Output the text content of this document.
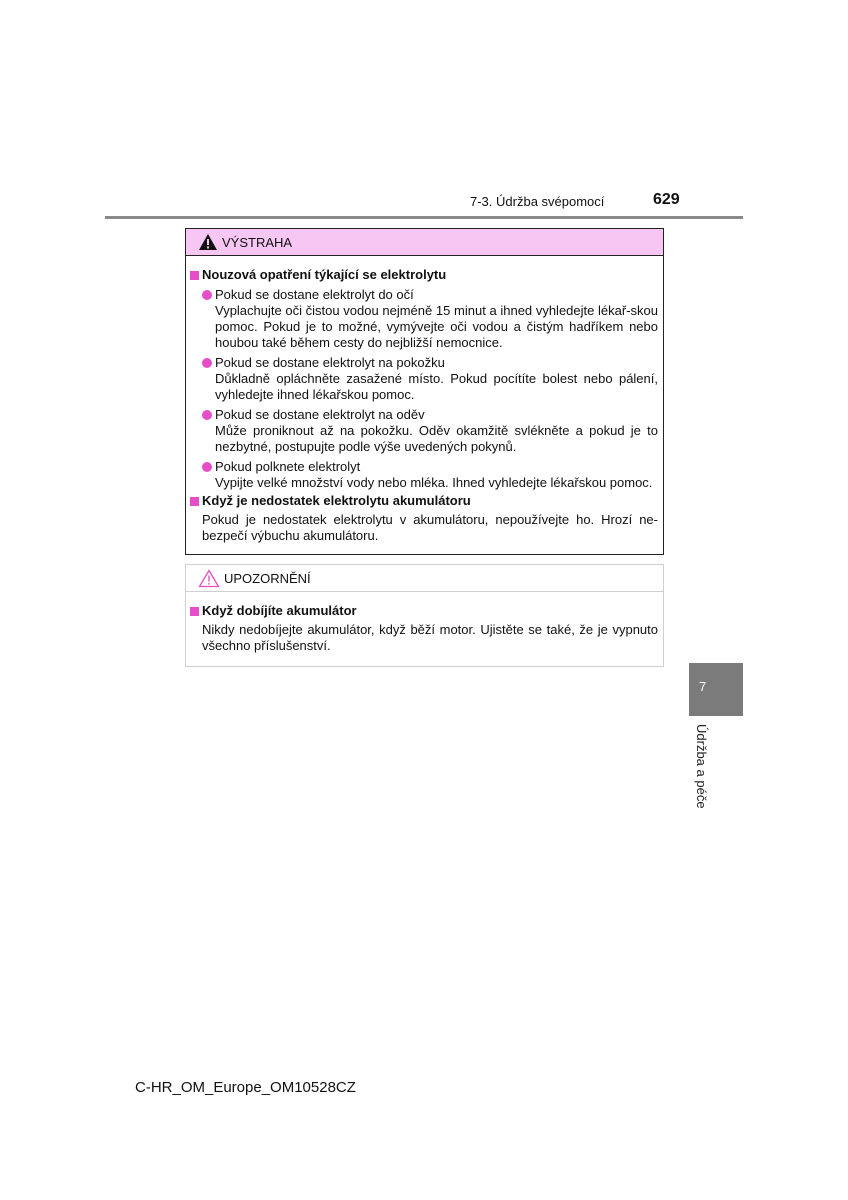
7-3. Údržba svépomocí	629
VÝSTRAHA
Nouzová opatření týkající se elektrolytu
Pokud se dostane elektrolyt do očí
Vyplachujte oči čistou vodou nejméně 15 minut a ihned vyhledejte lékař-skou pomoc. Pokud je to možné, vymývejte oči vodou a čistým hadříkem nebo houbou také během cesty do nejbližší nemocnice.
Pokud se dostane elektrolyt na pokožku
Důkladně opláchněte zasažené místo. Pokud pocítíte bolest nebo pálení, vyhledejte ihned lékařskou pomoc.
Pokud se dostane elektrolyt na oděv
Může proniknout až na pokožku. Oděv okamžitě svlékněte a pokud je to nezbytné, postupujte podle výše uvedených pokynů.
Pokud polknete elektrolyt
Vypijte velké množství vody nebo mléka. Ihned vyhledejte lékařskou pomoc.
Když je nedostatek elektrolytu akumulátoru
Pokud je nedostatek elektrolytu v akumulátoru, nepoužívejte ho. Hrozí ne-bezpečí výbuchu akumulátoru.
UPOZORNĚNÍ
Když dobíjíte akumulátor
Nikdy nedobíjejte akumulátor, když běží motor. Ujistěte se také, že je vypnuto všechno příslušenství.
7
Údržba a péče
C-HR_OM_Europe_OM10528CZ
